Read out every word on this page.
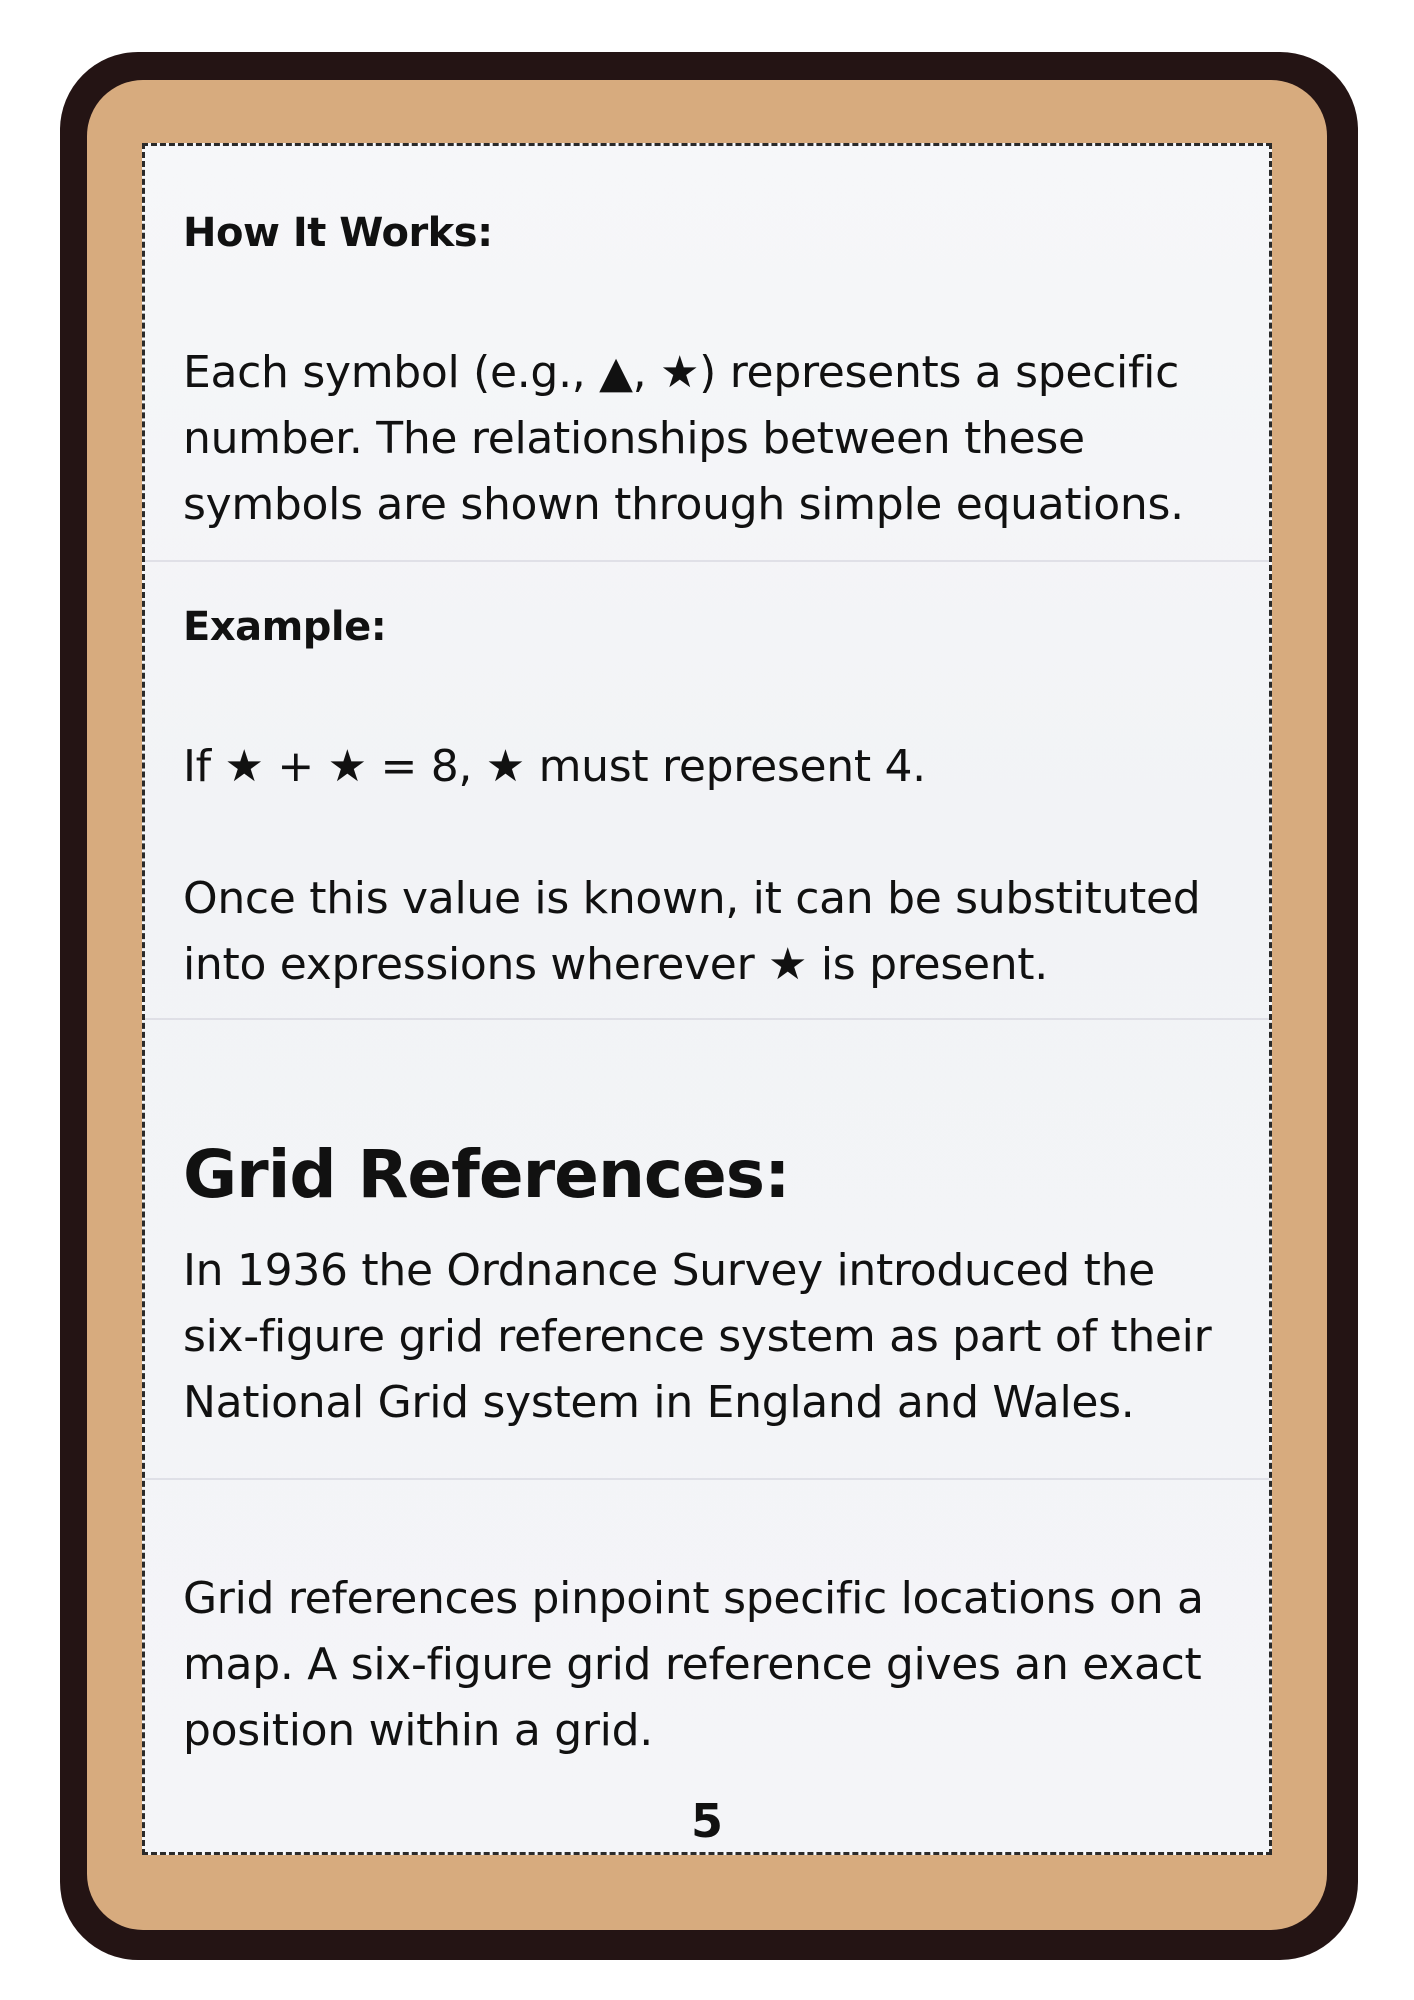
How It Works:

Each symbol (e.g., ▲, ★) represents a specific number. The relationships between these symbols are shown through simple equations.

Example:

If ★ + ★ = 8, ★ must represent 4.

Once this value is known, it can be substituted into expressions wherever ★ is present.

Grid References:

In 1936 the Ordnance Survey introduced the six-figure grid reference system as part of their National Grid system in England and Wales.

Grid references pinpoint specific locations on a map. A six-figure grid reference gives an exact position within a grid.

5
